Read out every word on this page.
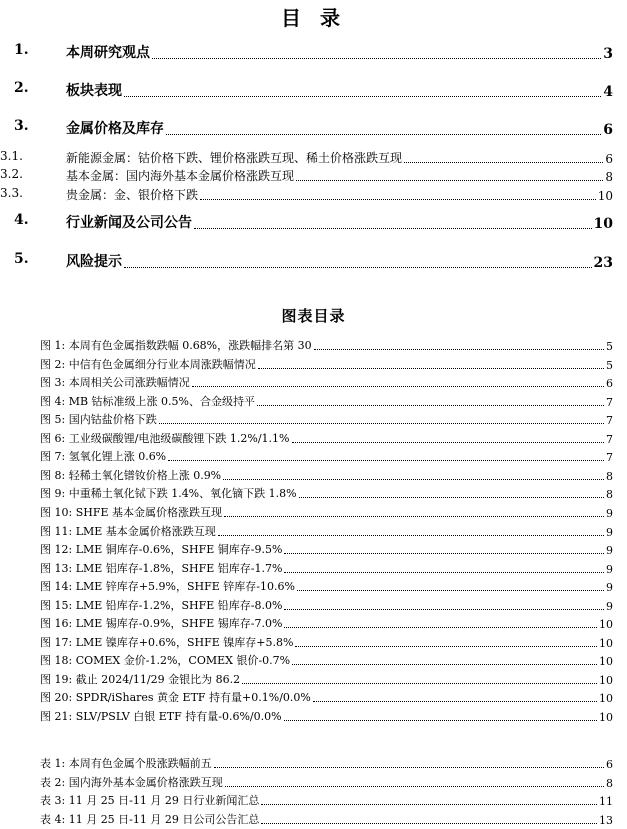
目 录
1.	本周研究观点	3
2.	板块表现	4
3.	金属价格及库存	6
3.1.	新能源金属：钴价格下跌、锂价格涨跌互现、稀土价格涨跌互现	6
3.2.	基本金属：国内海外基本金属价格涨跌互现	8
3.3.	贵金属：金、银价格下跌	10
4.	行业新闻及公司公告	10
5.	风险提示	23
图表目录
图 1: 本周有色金属指数跌幅 0.68%，涨跌幅排名第 30	5
图 2: 中信有色金属细分行业本周涨跌幅情况	5
图 3: 本周相关公司涨跌幅情况	6
图 4: MB 钴标准级上涨 0.5%、合金级持平	7
图 5: 国内钴盐价格下跌	7
图 6: 工业级碳酸锂/电池级碳酸锂下跌 1.2%/1.1%	7
图 7: 氢氧化锂上涨 0.6%	7
图 8: 轻稀土氧化镨钕价格上涨 0.9%	8
图 9: 中重稀土氧化铽下跌 1.4%、氧化镝下跌 1.8%	8
图 10: SHFE 基本金属价格涨跌互现	9
图 11: LME 基本金属价格涨跌互现	9
图 12: LME 铜库存-0.6%，SHFE 铜库存-9.5%	9
图 13: LME 铝库存-1.8%，SHFE 铝库存-1.7%	9
图 14: LME 锌库存+5.9%，SHFE 锌库存-10.6%	9
图 15: LME 铅库存-1.2%，SHFE 铅库存-8.0%	9
图 16: LME 锡库存-0.9%，SHFE 锡库存-7.0%	10
图 17: LME 镍库存+0.6%，SHFE 镍库存+5.8%	10
图 18: COMEX 金价-1.2%，COMEX 银价-0.7%	10
图 19: 截止 2024/11/29 金银比为 86.2	10
图 20: SPDR/iShares 黄金 ETF 持有量+0.1%/0.0%	10
图 21: SLV/PSLV 白银 ETF 持有量-0.6%/0.0%	10
表 1: 本周有色金属个股涨跌幅前五	6
表 2: 国内海外基本金属价格涨跌互现	8
表 3: 11 月 25 日-11 月 29 日行业新闻汇总	11
表 4: 11 月 25 日-11 月 29 日公司公告汇总	13
